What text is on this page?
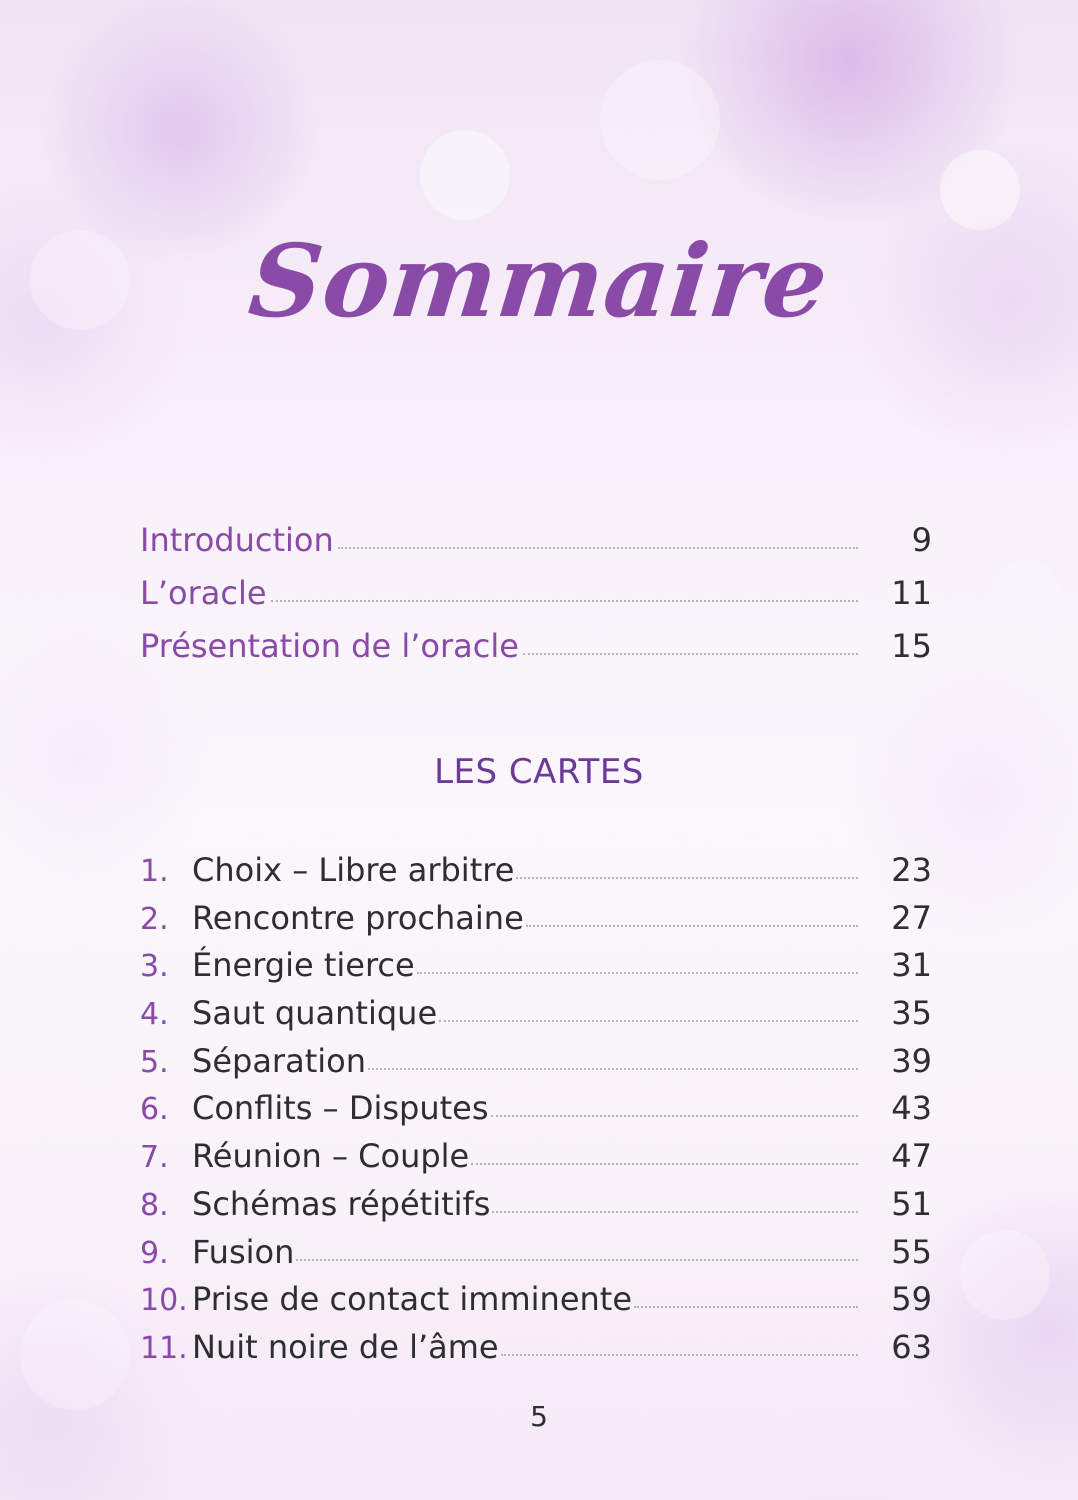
Sommaire
Introduction	9
L’oracle	11
Présentation de l’oracle	15
LES CARTES
1. Choix – Libre arbitre	23
2. Rencontre prochaine	27
3. Énergie tierce	31
4. Saut quantique	35
5. Séparation	39
6. Conflits – Disputes	43
7. Réunion – Couple	47
8. Schémas répétitifs	51
9. Fusion	55
10. Prise de contact imminente	59
11. Nuit noire de l’âme	63
5
